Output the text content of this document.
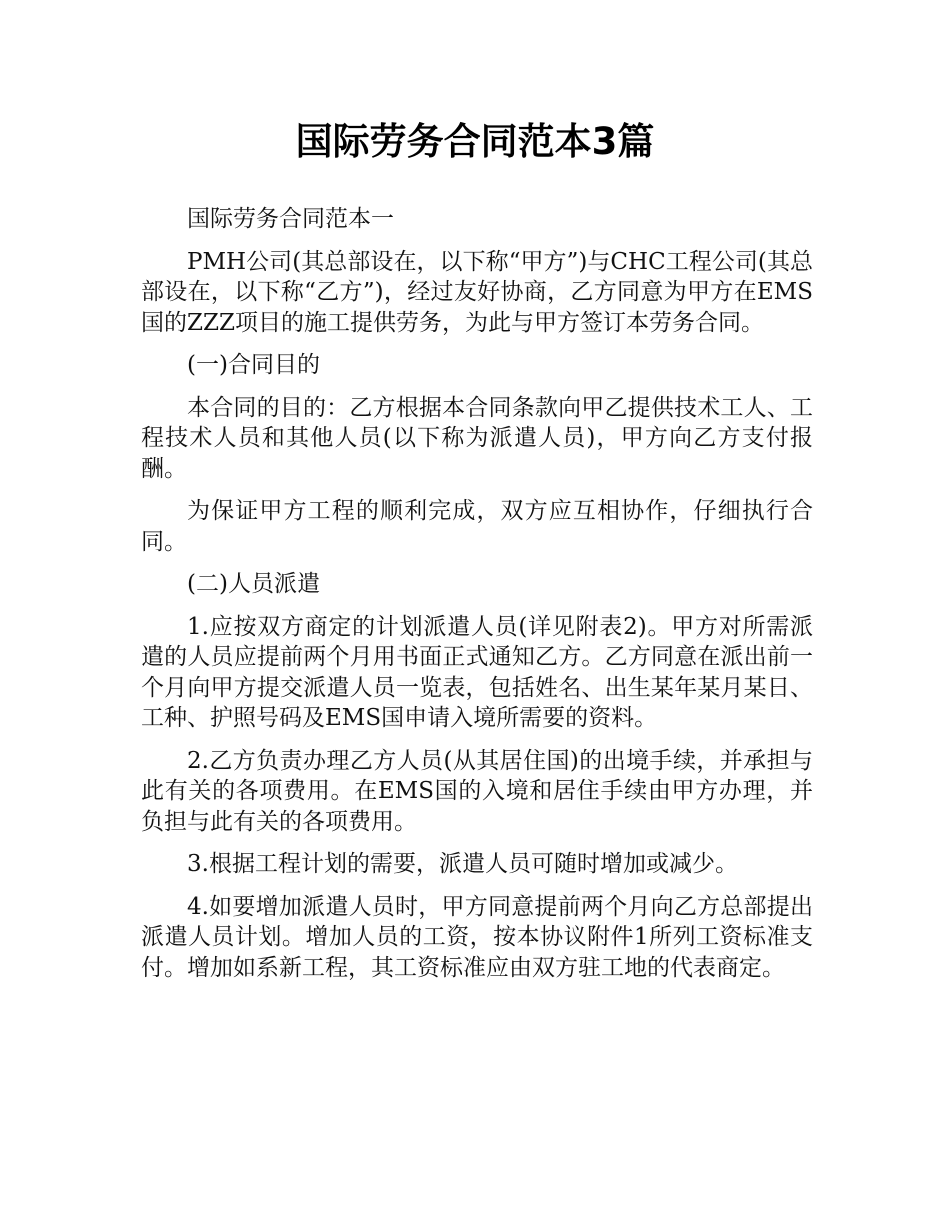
国际劳务合同范本3篇

国际劳务合同范本一

PMH公司(其总部设在，以下称“甲方”)与CHC工程公司(其总部设在，以下称“乙方”)，经过友好协商，乙方同意为甲方在EMS国的ZZZ项目的施工提供劳务，为此与甲方签订本劳务合同。

(一)合同目的

本合同的目的：乙方根据本合同条款向甲乙提供技术工人、工程技术人员和其他人员(以下称为派遣人员)，甲方向乙方支付报酬。

为保证甲方工程的顺利完成，双方应互相协作，仔细执行合同。

(二)人员派遣

1.应按双方商定的计划派遣人员(详见附表2)。甲方对所需派遣的人员应提前两个月用书面正式通知乙方。乙方同意在派出前一个月向甲方提交派遣人员一览表，包括姓名、出生某年某月某日、工种、护照号码及EMS国申请入境所需要的资料。

2.乙方负责办理乙方人员(从其居住国)的出境手续，并承担与此有关的各项费用。在EMS国的入境和居住手续由甲方办理，并负担与此有关的各项费用。

3.根据工程计划的需要，派遣人员可随时增加或减少。

4.如要增加派遣人员时，甲方同意提前两个月向乙方总部提出派遣人员计划。增加人员的工资，按本协议附件1所列工资标准支付。增加如系新工程，其工资标准应由双方驻工地的代表商定。
